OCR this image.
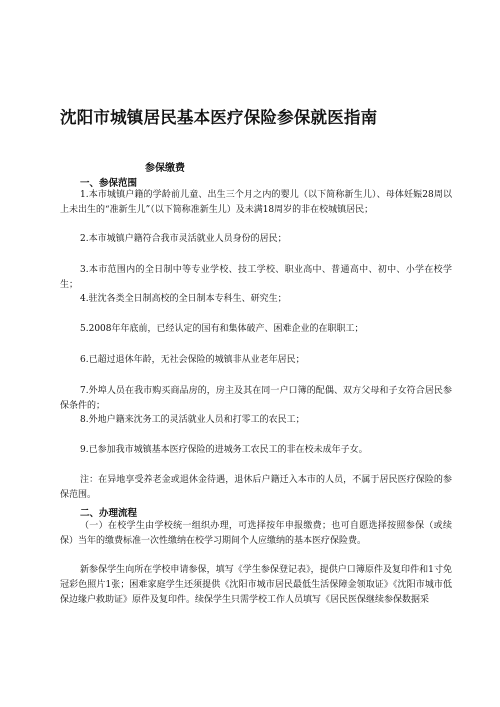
沈阳市城镇居民基本医疗保险参保就医指南
参保缴费
一、参保范围
1.本市城镇户籍的学龄前儿童、出生三个月之内的婴儿（以下简称新生儿）、母体妊娠28周以上未出生的“准新生儿”（以下简称准新生儿）及未满18周岁的非在校城镇居民；
2.本市城镇户籍符合我市灵活就业人员身份的居民；
3.本市范围内的全日制中等专业学校、技工学校、职业高中、普通高中、初中、小学在校学生；
4.驻沈各类全日制高校的全日制本专科生、研究生；
5.2008年年底前，已经认定的国有和集体破产、困难企业的在职职工；
6.已超过退休年龄，无社会保险的城镇非从业老年居民；
7.外埠人员在我市购买商品房的，房主及其在同一户口簿的配偶、双方父母和子女符合居民参保条件的；
8.外地户籍来沈务工的灵活就业人员和打零工的农民工；
9.已参加我市城镇基本医疗保险的进城务工农民工的非在校未成年子女。
注：在异地享受养老金或退休金待遇，退休后户籍迁入本市的人员，不属于居民医疗保险的参保范围。
二、办理流程
（一）在校学生由学校统一组织办理，可选择按年申报缴费；也可自愿选择按照参保（或续保）当年的缴费标准一次性缴纳在校学习期间个人应缴纳的基本医疗保险费。
新参保学生向所在学校申请参保，填写《学生参保登记表》，提供户口簿原件及复印件和1寸免冠彩色照片1张；困难家庭学生还须提供《沈阳市城市居民最低生活保障金领取证》《沈阳市城市低保边缘户救助证》原件及复印件。续保学生只需学校工作人员填写《居民医保继续参保数据采
